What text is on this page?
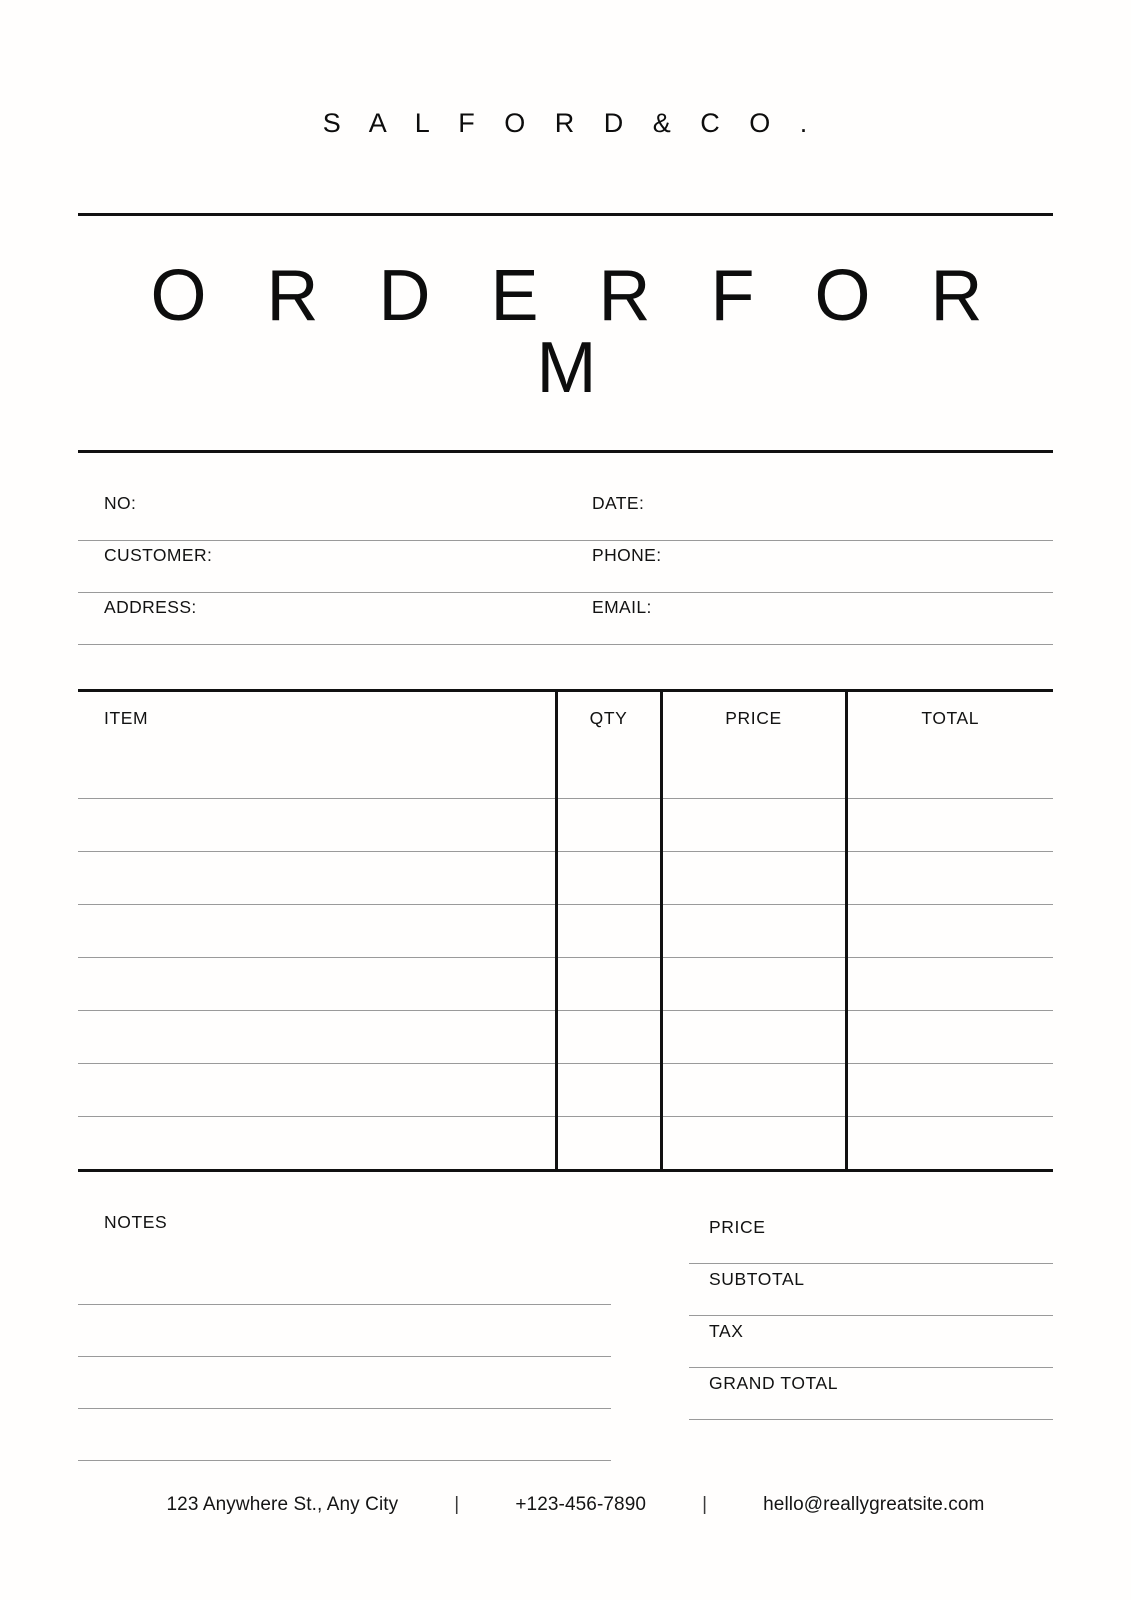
S A L F O R D & C O .
O R D E R F O R M
NO:	DATE:
CUSTOMER:	PHONE:
ADDRESS:	EMAIL:
ITEM	QTY	PRICE	TOTAL

NOTES	PRICE
SUBTOTAL
TAX
GRAND TOTAL
123 Anywhere St., Any City	|	+123-456-7890	|	hello@reallygreatsite.com
